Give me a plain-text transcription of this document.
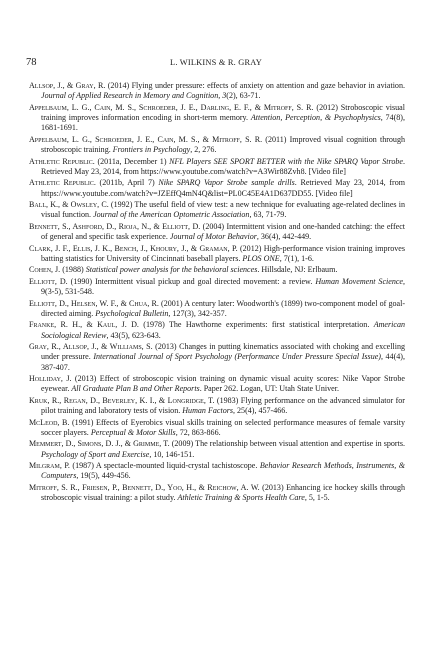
78	L. WILKINS & R. GRAY

Allsop, J., & Gray, R. (2014) Flying under pressure: effects of anxiety on attention and gaze behavior in aviation. Journal of Applied Research in Memory and Cognition, 3(2), 63-71.

Appelbaum, L. G., Cain, M. S., Schroeder, J. E., Darling, E. F., & Mitroff, S. R. (2012) Stroboscopic visual training improves information encoding in short-term memory. Attention, Perception, & Psychophysics, 74(8), 1681-1691.

Appelbaum, L. G., Schroeder, J. E., Cain, M. S., & Mitroff, S. R. (2011) Improved visual cognition through stroboscopic training. Frontiers in Psychology, 2, 276.

Athletic Republic. (2011a, December 1) NFL Players SEE SPORT BETTER with the Nike SPARQ Vapor Strobe. Retrieved May 23, 2014, from https://www.youtube.com/watch?v=A3Wir88Zvh8. [Video file]

Athletic Republic. (2011b, April 7) Nike SPARQ Vapor Strobe sample drills. Retrieved May 23, 2014, from https://www.youtube.com/watch?v=JZEffQ4mN4Q&list=PL0C45E4A1D637DD55. [Video file]

Ball, K., & Owsley, C. (1992) The useful field of view test: a new technique for evaluating age-related declines in visual function. Journal of the American Optometric Association, 63, 71-79.

Bennett, S., Ashford, D., Rioja, N., & Elliott, D. (2004) Intermittent vision and one-handed catching: the effect of general and specific task experience. Journal of Motor Behavior, 36(4), 442-449.

Clark, J. F., Ellis, J. K., Bench, J., Khoury, J., & Graman, P. (2012) High-performance vision training improves batting statistics for University of Cincinnati baseball players. PLOS ONE, 7(1), 1-6.

Cohen, J. (1988) Statistical power analysis for the behavioral sciences. Hillsdale, NJ: Erlbaum.

Elliott, D. (1990) Intermittent visual pickup and goal directed movement: a review. Human Movement Science, 9(3-5), 531-548.

Elliott, D., Helsen, W. F., & Chua, R. (2001) A century later: Woodworth's (1899) two-component model of goal-directed aiming. Psychological Bulletin, 127(3), 342-357.

Franke, R. H., & Kaul, J. D. (1978) The Hawthorne experiments: first statistical interpretation. American Sociological Review, 43(5), 623-643.

Gray, R., Allsop, J., & Williams, S. (2013) Changes in putting kinematics associated with choking and excelling under pressure. International Journal of Sport Psychology (Performance Under Pressure Special Issue), 44(4), 387-407.

Holliday, J. (2013) Effect of stroboscopic vision training on dynamic visual acuity scores: Nike Vapor Strobe eyewear. All Graduate Plan B and Other Reports. Paper 262. Logan, UT: Utah State Univer.

Kruk, R., Regan, D., Beverley, K. I., & Longridge, T. (1983) Flying performance on the advanced simulator for pilot training and laboratory tests of vision. Human Factors, 25(4), 457-466.

McLeod, B. (1991) Effects of Eyerobics visual skills training on selected performance measures of female varsity soccer players. Perceptual & Motor Skills, 72, 863-866.

Memmert, D., Simons, D. J., & Grimme, T. (2009) The relationship between visual attention and expertise in sports. Psychology of Sport and Exercise, 10, 146-151.

Milgram, P. (1987) A spectacle-mounted liquid-crystal tachistoscope. Behavior Research Methods, Instruments, & Computers, 19(5), 449-456.

Mitroff, S. R., Friesen, P., Bennett, D., Yoo, H., & Reichow, A. W. (2013) Enhancing ice hockey skills through stroboscopic visual training: a pilot study. Athletic Training & Sports Health Care, 5, 1-5.
